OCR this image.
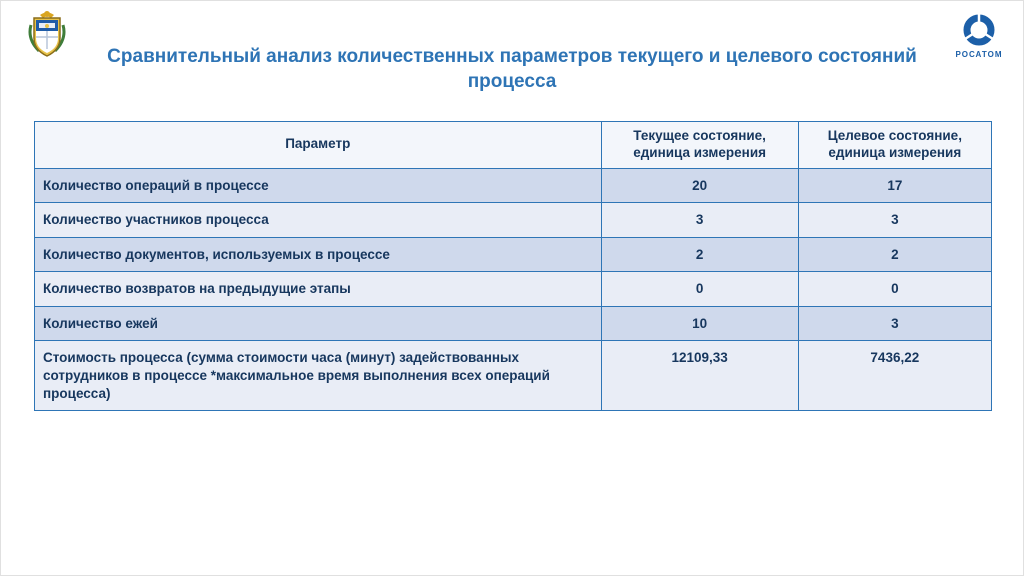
РОСАТОМ
Сравнительный анализ количественных параметров текущего и целевого состояний процесса
Параметр	Текущее состояние, единица измерения	Целевое состояние, единица измерения
Количество операций в процессе	20	17
Количество участников процесса	3	3
Количество документов, используемых в процессе	2	2
Количество возвратов на предыдущие этапы	0	0
Количество ежей	10	3
Стоимость процесса (сумма стоимости часа (минут) задействованных сотрудников в процессе *максимальное время выполнения всех операций процесса)	12109,33	7436,22
